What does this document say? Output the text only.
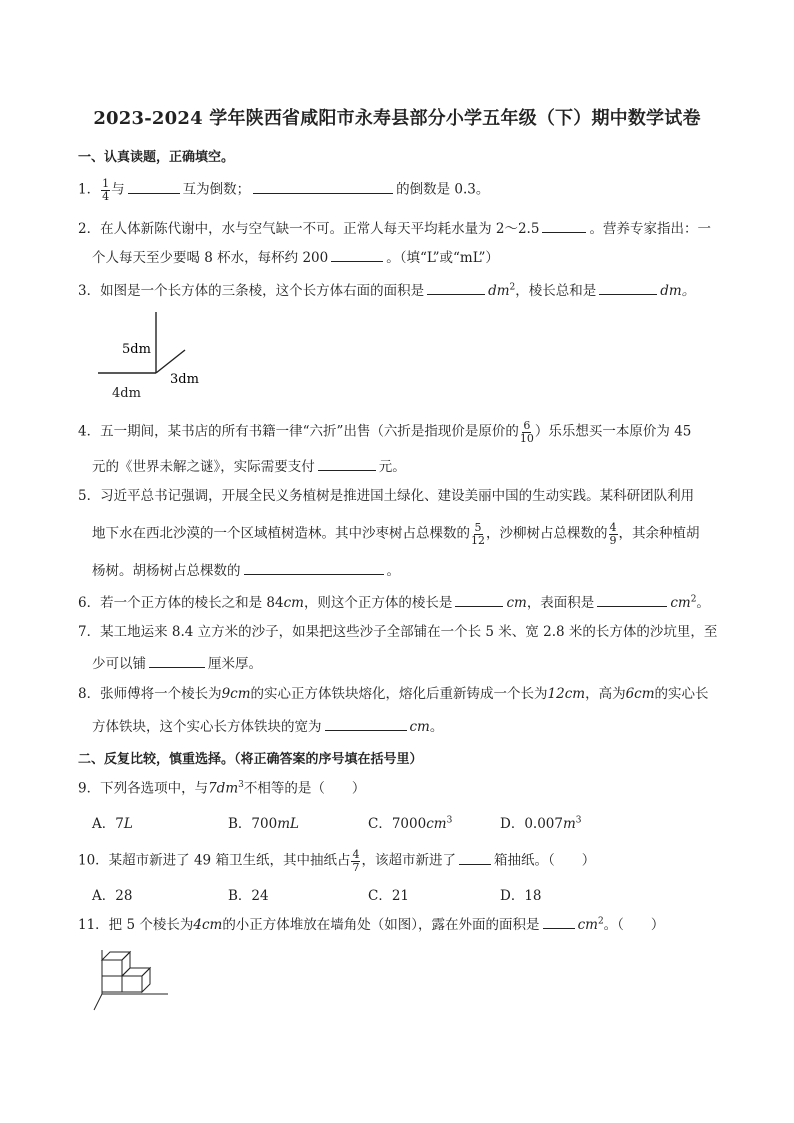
2023-2024 学年陕西省咸阳市永寿县部分小学五年级（下）期中数学试卷
一、认真读题，正确填空。
1． $\frac{1}{4}$ 与	互为倒数；	的倒数是 0.3。
2．在人体新陈代谢中，水与空气缺一不可。正常人每天平均耗水量为 2～2.5	。营养专家指出：一
个人每天至少要喝 8 杯水，每杯约 200	。（填“L”或“mL”）
3．如图是一个长方体的三条棱，这个长方体右面的面积是	$dm^2$，棱长总和是	dm。
5dm
3dm
4dm
4．五一期间，某书店的所有书籍一律“六折”出售（六折是指现价是原价的 $\frac{6}{10}$ ）乐乐想买一本原价为 45
元的《世界未解之谜》，实际需要支付	元。
5．习近平总书记强调，开展全民义务植树是推进国土绿化、建设美丽中国的生动实践。某科研团队利用
地下水在西北沙漠的一个区域植树造林。其中沙枣树占总棵数的 $\frac{5}{12}$ ，沙柳树占总棵数的 $\frac{4}{9}$ ，其余种植胡
杨树。胡杨树占总棵数的	。
6．若一个正方体的棱长之和是 84cm，则这个正方体的棱长是	cm，表面积是	$cm^2$。
7．某工地运来 8.4 立方米的沙子，如果把这些沙子全部铺在一个长 5 米、宽 2.8 米的长方体的沙坑里，至
少可以铺	厘米厚。
8．张师傅将一个棱长为9cm的实心正方体铁块熔化，熔化后重新铸成一个长为12cm，高为6cm的实心长
方体铁块，这个实心长方体铁块的宽为	cm。
二、反复比较，慎重选择。（将正确答案的序号填在括号里）
9．下列各选项中，与$7dm^3$不相等的是（　　）
A．7L	B．700mL	C．$7000cm^3$	D．$0.007m^3$
10．某超市新进了 49 箱卫生纸，其中抽纸占 $\frac{4}{7}$ ，该超市新进了	箱抽纸。（　　）
A．28	B．24	C．21	D．18
11．把 5 个棱长为4cm的小正方体堆放在墙角处（如图），露在外面的面积是	$cm^2$。（　　）
